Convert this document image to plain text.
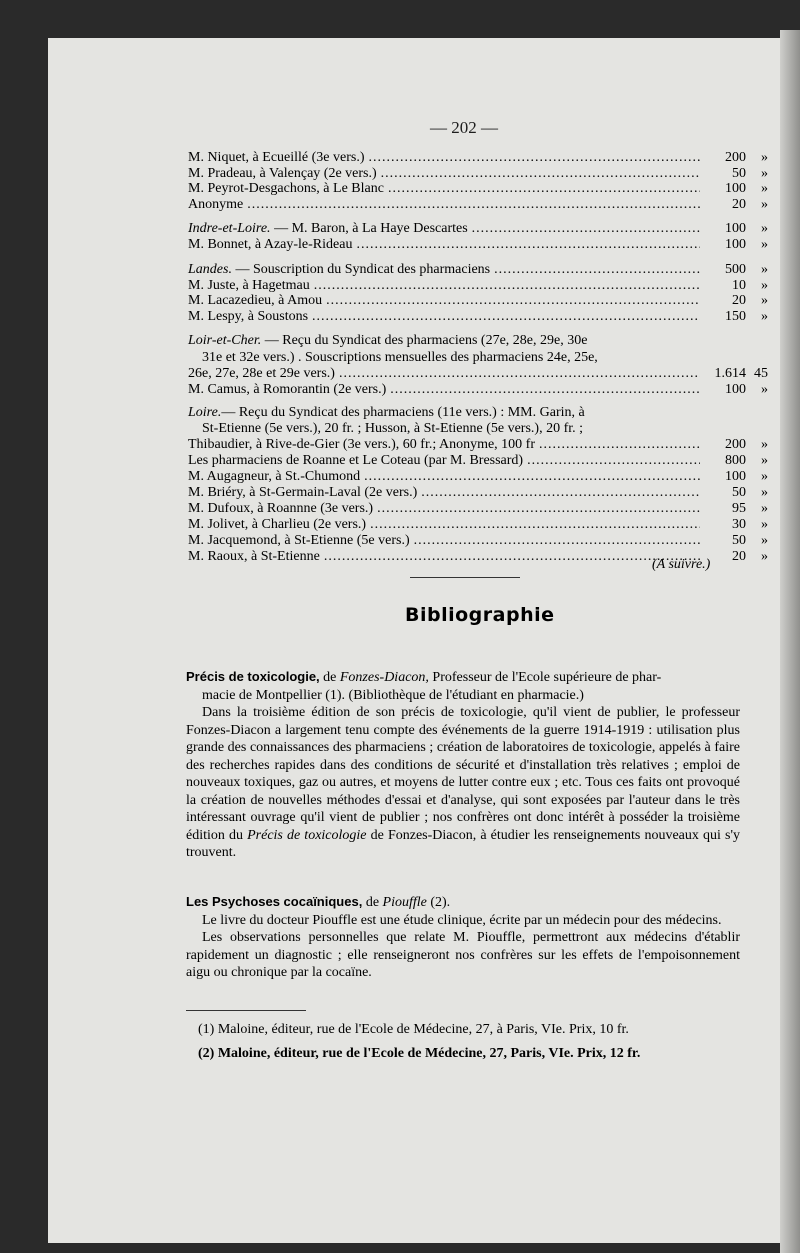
— 202 —
M. Niquet, à Ecueillé (3e vers.) .....	200	»
M. Pradeau, à Valençay (2e vers.) .....	50	»
M. Peyrot-Desgachons, à Le Blanc .....	100	»
Anonyme .....	20	»
Indre-et-Loire. — M. Baron, à La Haye Descartes .....	100	»
M. Bonnet, à Azay-le-Rideau .....	100	»
Landes. — Souscription du Syndicat des pharmaciens .....	500	»
M. Juste, à Hagetmau .....	10	»
M. Lacazedieu, à Amou .....	20	»
M. Lespy, à Soustons .....	150	»
Loir-et-Cher. — Reçu du Syndicat des pharmaciens (27e, 28e, 29e, 30e
31e et 32e vers.) . Souscriptions mensuelles des pharmaciens 24e, 25e,
26e, 27e, 28e et 29e vers.) .....	1.614 45
M. Camus, à Romorantin (2e vers.) .....	100	»
Loire.— Reçu du Syndicat des pharmaciens (11e vers.) : MM. Garin, à
St-Etienne (5e vers.), 20 fr. ; Husson, à St-Etienne (5e vers.), 20 fr. ;
Thibaudier, à Rive-de-Gier (3e vers.), 60 fr.; Anonyme, 100 fr .....	200	»
Les pharmaciens de Roanne et Le Coteau (par M. Bressard) .....	800	»
M. Augagneur, à St.-Chumond .....	100	»
M. Briéry, à St-Germain-Laval (2e vers.) .....	50	»
M. Dufoux, à Roannne (3e vers.) .....	95	»
M. Jolivet, à Charlieu (2e vers.) .....	30	»
M. Jacquemond, à St-Etienne (5e vers.) .....	50	»
M. Raoux, à St-Etienne .....	20	»
(A suivre.)
Bibliographie
Précis de toxicologie, de Fonzes-Diacon, Professeur de l'Ecole supérieure de phar-
macie de Montpellier (1). (Bibliothèque de l'étudiant en pharmacie.)
Dans la troisième édition de son précis de toxicologie, qu'il vient de publier, le professeur Fonzes-Diacon a largement tenu compte des événements de la guerre 1914-1919 : utilisation plus grande des connaissances des pharmaciens ; création de laboratoires de toxicologie, appelés à faire des recherches rapides dans des conditions de sécurité et d'installation très relatives ; emploi de nouveaux toxiques, gaz ou autres, et moyens de lutter contre eux ; etc. Tous ces faits ont provoqué la création de nouvelles méthodes d'essai et d'analyse, qui sont exposées par l'auteur dans le très intéressant ouvrage qu'il vient de publier ; nos confrères ont donc intérêt à posséder la troisième édition du Précis de toxicologie de Fonzes-Diacon, à étudier les renseignements nouveaux qui s'y trouvent.
Les Psychoses cocaïniques, de Piouffle (2).
Le livre du docteur Piouffle est une étude clinique, écrite par un médecin pour des médecins.
Les observations personnelles que relate M. Piouffle, permettront aux médecins d'établir rapidement un diagnostic ; elle renseigneront nos confrères sur les effets de l'empoisonnement aigu ou chronique par la cocaïne.
(1) Maloine, éditeur, rue de l'Ecole de Médecine, 27, à Paris, VIe. Prix, 10 fr.
(2) Maloine, éditeur, rue de l'Ecole de Médecine, 27, Paris, VIe. Prix, 12 fr.
